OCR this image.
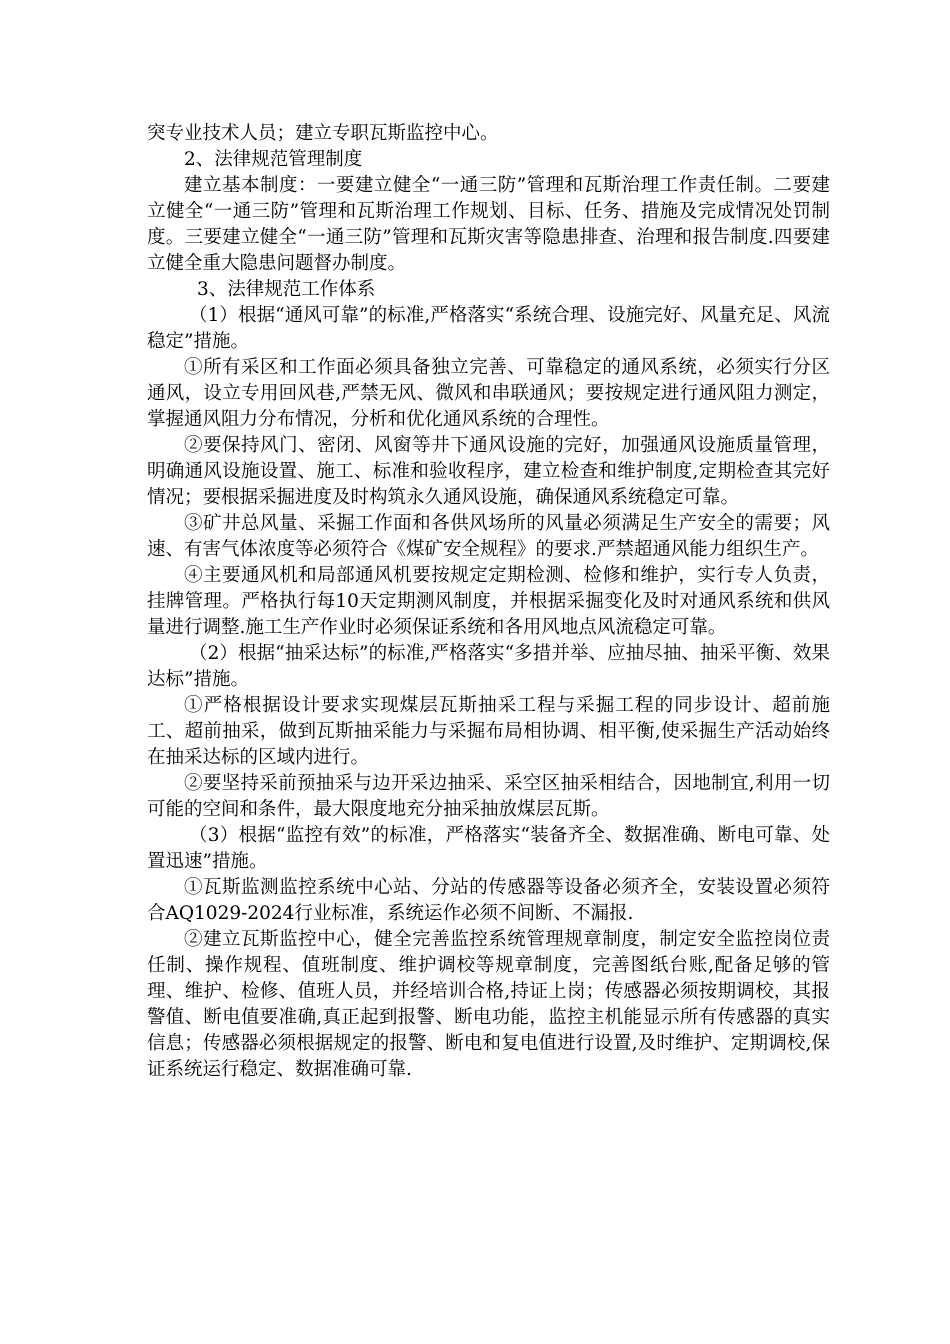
突专业技术人员；建立专职瓦斯监控中心。

2、法律规范管理制度

建立基本制度：一要建立健全“一通三防”管理和瓦斯治理工作责任制。二要建立健全“一通三防”管理和瓦斯治理工作规划、目标、任务、措施及完成情况处罚制度。三要建立健全“一通三防”管理和瓦斯灾害等隐患排查、治理和报告制度.四要建立健全重大隐患问题督办制度。

3、法律规范工作体系

（1）根据“通风可靠”的标准,严格落实“系统合理、设施完好、风量充足、风流稳定”措施。

①所有采区和工作面必须具备独立完善、可靠稳定的通风系统，必须实行分区通风，设立专用回风巷,严禁无风、微风和串联通风；要按规定进行通风阻力测定，掌握通风阻力分布情况，分析和优化通风系统的合理性。

②要保持风门、密闭、风窗等井下通风设施的完好，加强通风设施质量管理，明确通风设施设置、施工、标准和验收程序，建立检查和维护制度,定期检查其完好情况；要根据采掘进度及时构筑永久通风设施，确保通风系统稳定可靠。

③矿井总风量、采掘工作面和各供风场所的风量必须满足生产安全的需要；风速、有害气体浓度等必须符合《煤矿安全规程》的要求.严禁超通风能力组织生产。

④主要通风机和局部通风机要按规定定期检测、检修和维护，实行专人负责，挂牌管理。严格执行每10天定期测风制度，并根据采掘变化及时对通风系统和供风量进行调整.施工生产作业时必须保证系统和各用风地点风流稳定可靠。

（2）根据“抽采达标”的标准,严格落实“多措并举、应抽尽抽、抽采平衡、效果达标”措施。

①严格根据设计要求实现煤层瓦斯抽采工程与采掘工程的同步设计、超前施工、超前抽采，做到瓦斯抽采能力与采掘布局相协调、相平衡,使采掘生产活动始终在抽采达标的区域内进行。

②要坚持采前预抽采与边开采边抽采、采空区抽采相结合，因地制宜,利用一切可能的空间和条件，最大限度地充分抽采抽放煤层瓦斯。

（3）根据“监控有效”的标准，严格落实“装备齐全、数据准确、断电可靠、处置迅速”措施。

①瓦斯监测监控系统中心站、分站的传感器等设备必须齐全，安装设置必须符合AQ1029-2024行业标准，系统运作必须不间断、不漏报.

②建立瓦斯监控中心，健全完善监控系统管理规章制度，制定安全监控岗位责任制、操作规程、值班制度、维护调校等规章制度，完善图纸台账,配备足够的管理、维护、检修、值班人员，并经培训合格,持证上岗；传感器必须按期调校，其报警值、断电值要准确,真正起到报警、断电功能，监控主机能显示所有传感器的真实信息；传感器必须根据规定的报警、断电和复电值进行设置,及时维护、定期调校,保证系统运行稳定、数据准确可靠.
